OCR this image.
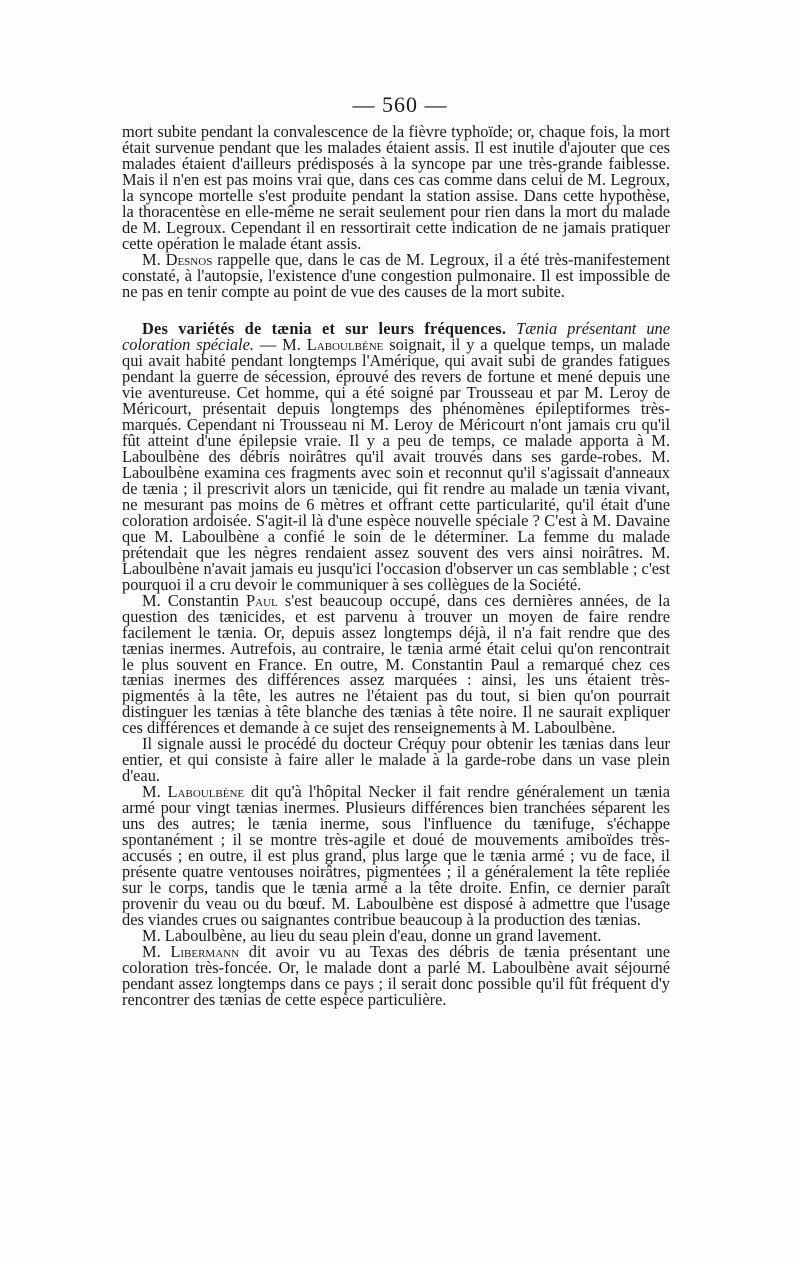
— 560 —

mort subite pendant la convalescence de la fièvre typhoïde; or, chaque fois, la mort était survenue pendant que les malades étaient assis. Il est inutile d'ajouter que ces malades étaient d'ailleurs prédisposés à la syncope par une très-grande faiblesse. Mais il n'en est pas moins vrai que, dans ces cas comme dans celui de M. Legroux, la syncope mortelle s'est produite pendant la station assise. Dans cette hypothèse, la thoracentèse en elle-même ne serait seulement pour rien dans la mort du malade de M. Legroux. Cependant il en ressortirait cette indication de ne jamais pratiquer cette opération le malade étant assis.

M. Desnos rappelle que, dans le cas de M. Legroux, il a été très-manifestement constaté, à l'autopsie, l'existence d'une congestion pulmonaire. Il est impossible de ne pas en tenir compte au point de vue des causes de la mort subite.

Des variétés de tænia et sur leurs fréquences. Tænia présentant une coloration spéciale. — M. Laboulbène soignait, il y a quelque temps, un malade qui avait habité pendant longtemps l'Amérique, qui avait subi de grandes fatigues pendant la guerre de sécession, éprouvé des revers de fortune et mené depuis une vie aventureuse. Cet homme, qui a été soigné par Trousseau et par M. Leroy de Méricourt, présentait depuis longtemps des phénomènes épileptiformes très-marqués. Cependant ni Trousseau ni M. Leroy de Méricourt n'ont jamais cru qu'il fût atteint d'une épilepsie vraie. Il y a peu de temps, ce malade apporta à M. Laboulbène des débris noirâtres qu'il avait trouvés dans ses garde-robes. M. Laboulbène examina ces fragments avec soin et reconnut qu'il s'agissait d'anneaux de tænia ; il prescrivit alors un tænicide, qui fit rendre au malade un tænia vivant, ne mesurant pas moins de 6 mètres et offrant cette particularité, qu'il était d'une coloration ardoisée. S'agit-il là d'une espèce nouvelle spéciale ? C'est à M. Davaine que M. Laboulbène a confié le soin de le déterminer. La femme du malade prétendait que les nègres rendaient assez souvent des vers ainsi noirâtres. M. Laboulbène n'avait jamais eu jusqu'ici l'occasion d'observer un cas semblable ; c'est pourquoi il a cru devoir le communiquer à ses collègues de la Société.

M. Constantin Paul s'est beaucoup occupé, dans ces dernières années, de la question des tænicides, et est parvenu à trouver un moyen de faire rendre facilement le tænia. Or, depuis assez longtemps déjà, il n'a fait rendre que des tænias inermes. Autrefois, au contraire, le tænia armé était celui qu'on rencontrait le plus souvent en France. En outre, M. Constantin Paul a remarqué chez ces tænias inermes des différences assez marquées : ainsi, les uns étaient très-pigmentés à la tête, les autres ne l'étaient pas du tout, si bien qu'on pourrait distinguer les tænias à tête blanche des tænias à tête noire. Il ne saurait expliquer ces différences et demande à ce sujet des renseignements à M. Laboulbène.

Il signale aussi le procédé du docteur Créquy pour obtenir les tænias dans leur entier, et qui consiste à faire aller le malade à la garde-robe dans un vase plein d'eau.

M. Laboulbène dit qu'à l'hôpital Necker il fait rendre généralement un tænia armé pour vingt tænias inermes. Plusieurs différences bien tranchées séparent les uns des autres; le tænia inerme, sous l'influence du tænifuge, s'échappe spontanément ; il se montre très-agile et doué de mouvements amiboïdes très-accusés ; en outre, il est plus grand, plus large que le tænia armé ; vu de face, il présente quatre ventouses noirâtres, pigmentées ; il a généralement la tête repliée sur le corps, tandis que le tænia armé a la tête droite. Enfin, ce dernier paraît provenir du veau ou du bœuf. M. Laboulbène est disposé à admettre que l'usage des viandes crues ou saignantes contribue beaucoup à la production des tænias.

M. Laboulbène, au lieu du seau plein d'eau, donne un grand lavement.

M. Libermann dit avoir vu au Texas des débris de tænia présentant une coloration très-foncée. Or, le malade dont a parlé M. Laboulbène avait séjourné pendant assez longtemps dans ce pays ; il serait donc possible qu'il fût fréquent d'y rencontrer des tænias de cette espèce particulière.
